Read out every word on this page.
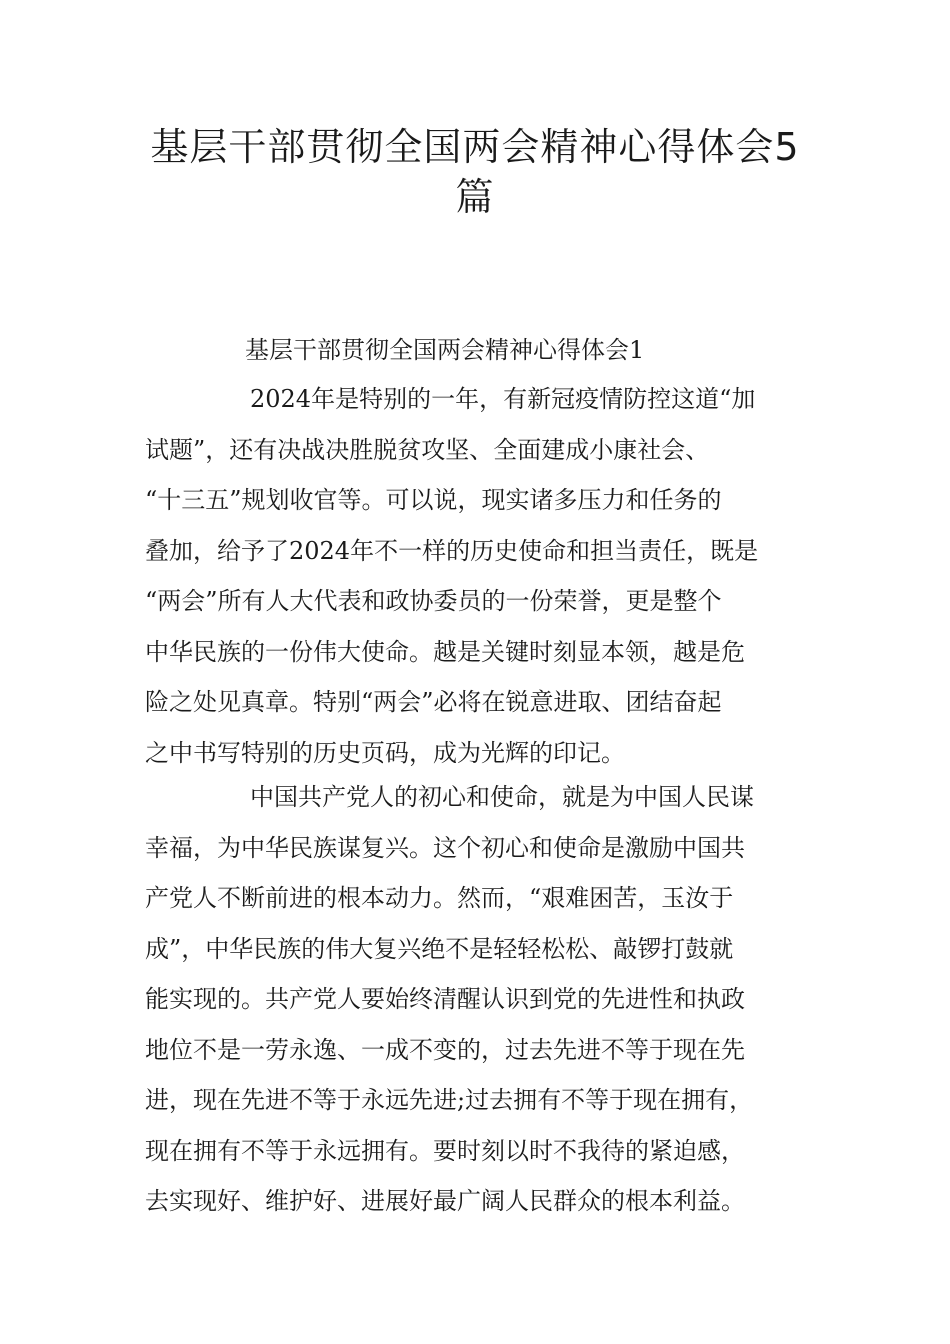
基层干部贯彻全国两会精神心得体会5
篇
基层干部贯彻全国两会精神心得体会1
2024年是特别的一年，有新冠疫情防控这道“加
试题”，还有决战决胜脱贫攻坚、全面建成小康社会、
“十三五”规划收官等。可以说，现实诸多压力和任务的
叠加，给予了2024年不一样的历史使命和担当责任，既是
“两会”所有人大代表和政协委员的一份荣誉，更是整个
中华民族的一份伟大使命。越是关键时刻显本领，越是危
险之处见真章。特别“两会”必将在锐意进取、团结奋起
之中书写特别的历史页码，成为光辉的印记。
中国共产党人的初心和使命，就是为中国人民谋
幸福，为中华民族谋复兴。这个初心和使命是激励中国共
产党人不断前进的根本动力。然而，“艰难困苦，玉汝于
成”，中华民族的伟大复兴绝不是轻轻松松、敲锣打鼓就
能实现的。共产党人要始终清醒认识到党的先进性和执政
地位不是一劳永逸、一成不变的，过去先进不等于现在先
进，现在先进不等于永远先进;过去拥有不等于现在拥有，
现在拥有不等于永远拥有。要时刻以时不我待的紧迫感，
去实现好、维护好、进展好最广阔人民群众的根本利益。
